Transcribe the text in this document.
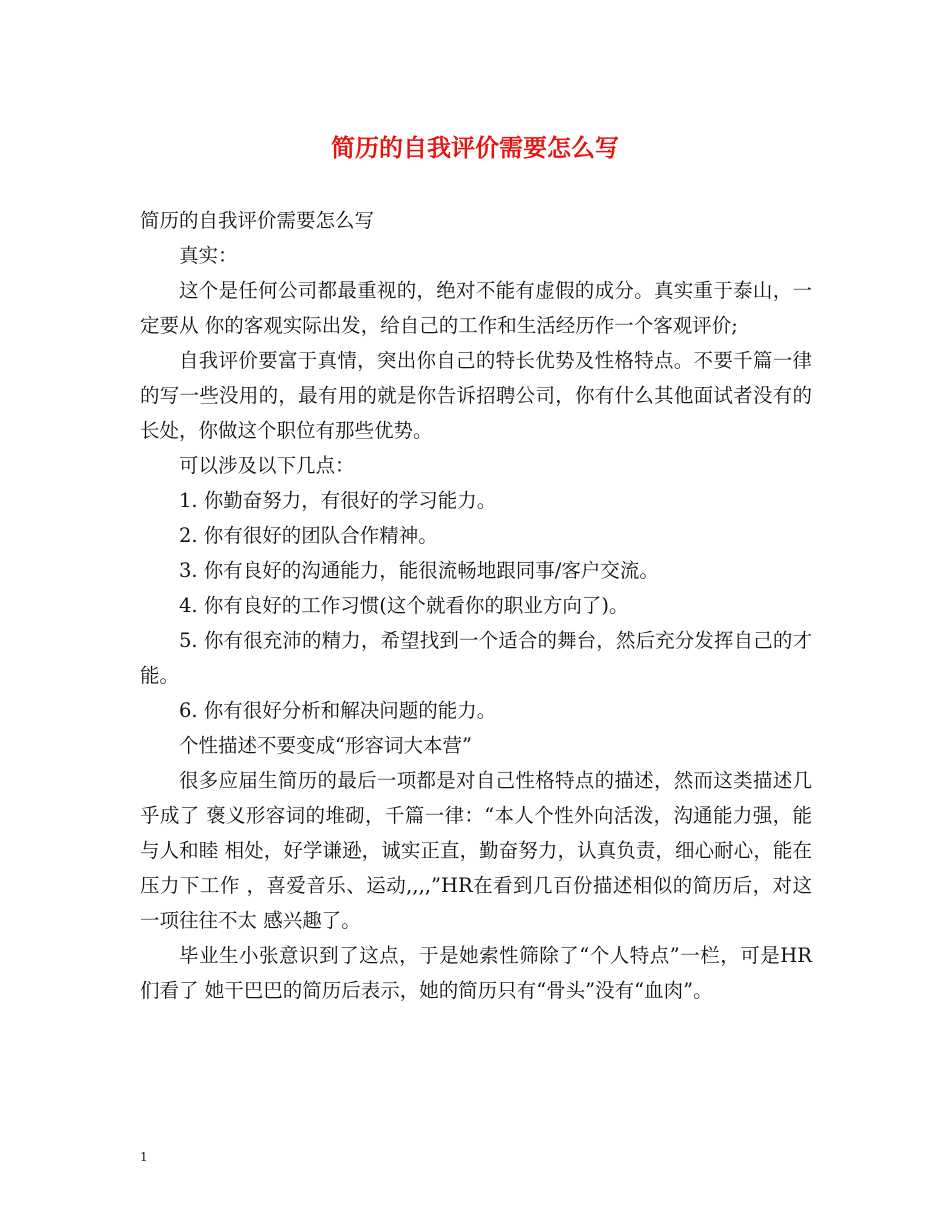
简历的自我评价需要怎么写

简历的自我评价需要怎么写

真实：

这个是任何公司都最重视的，绝对不能有虚假的成分。真实重于泰山，一定要从 你的客观实际出发，给自己的工作和生活经历作一个客观评价;

自我评价要富于真情，突出你自己的特长优势及性格特点。不要千篇一律的写一些没用的，最有用的就是你告诉招聘公司，你有什么其他面试者没有的长处，你做这个职位有那些优势。

可以涉及以下几点：

1. 你勤奋努力，有很好的学习能力。

2. 你有很好的团队合作精神。

3. 你有良好的沟通能力，能很流畅地跟同事/客户交流。

4. 你有良好的工作习惯(这个就看你的职业方向了)。

5. 你有很充沛的精力，希望找到一个适合的舞台，然后充分发挥自己的才能。

6. 你有很好分析和解决问题的能力。

个性描述不要变成“形容词大本营”

很多应届生简历的最后一项都是对自己性格特点的描述，然而这类描述几乎成了 褒义形容词的堆砌，千篇一律：“本人个性外向活泼，沟通能力强，能与人和睦 相处，好学谦逊，诚实正直，勤奋努力，认真负责，细心耐心，能在压力下工作 ，喜爱音乐、运动,,,,”HR在看到几百份描述相似的简历后，对这一项往往不太 感兴趣了。

毕业生小张意识到了这点，于是她索性筛除了“个人特点”一栏，可是HR们看了 她干巴巴的简历后表示，她的简历只有“骨头”没有“血肉”。

1
